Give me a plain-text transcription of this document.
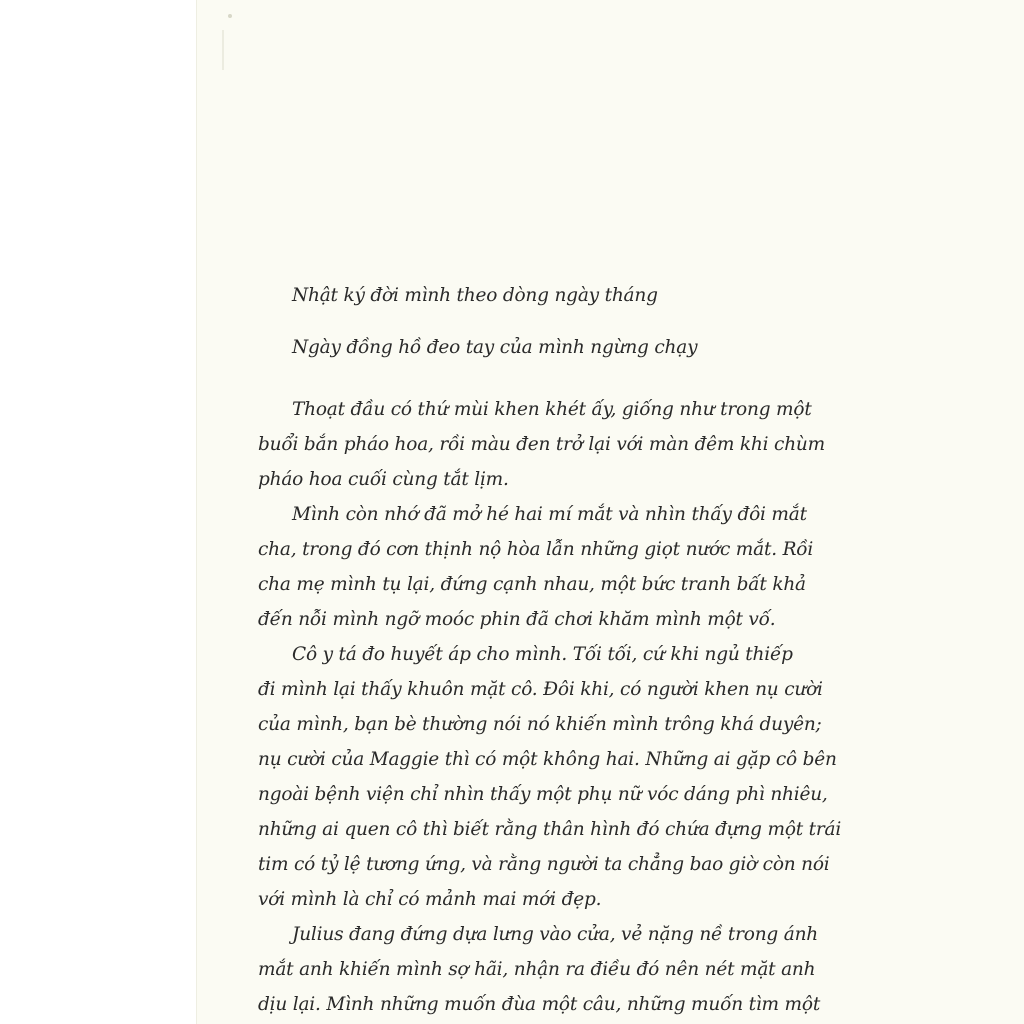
Nhật ký đời mình theo dòng ngày tháng

Ngày đồng hồ đeo tay của mình ngừng chạy

Thoạt đầu có thứ mùi khen khét ấy, giống như trong một
buổi bắn pháo hoa, rồi màu đen trở lại với màn đêm khi chùm
pháo hoa cuối cùng tắt lịm.

Mình còn nhớ đã mở hé hai mí mắt và nhìn thấy đôi mắt
cha, trong đó cơn thịnh nộ hòa lẫn những giọt nước mắt. Rồi
cha mẹ mình tụ lại, đứng cạnh nhau, một bức tranh bất khả
đến nỗi mình ngỡ moóc phin đã chơi khăm mình một vố.

Cô y tá đo huyết áp cho mình. Tối tối, cứ khi ngủ thiếp
đi mình lại thấy khuôn mặt cô. Đôi khi, có người khen nụ cười
của mình, bạn bè thường nói nó khiến mình trông khá duyên;
nụ cười của Maggie thì có một không hai. Những ai gặp cô bên
ngoài bệnh viện chỉ nhìn thấy một phụ nữ vóc dáng phì nhiêu,
những ai quen cô thì biết rằng thân hình đó chứa đựng một trái
tim có tỷ lệ tương ứng, và rằng người ta chẳng bao giờ còn nói
với mình là chỉ có mảnh mai mới đẹp.

Julius đang đứng dựa lưng vào cửa, vẻ nặng nề trong ánh
mắt anh khiến mình sợ hãi, nhận ra điều đó nên nét mặt anh
dịu lại. Mình những muốn đùa một câu, những muốn tìm một
